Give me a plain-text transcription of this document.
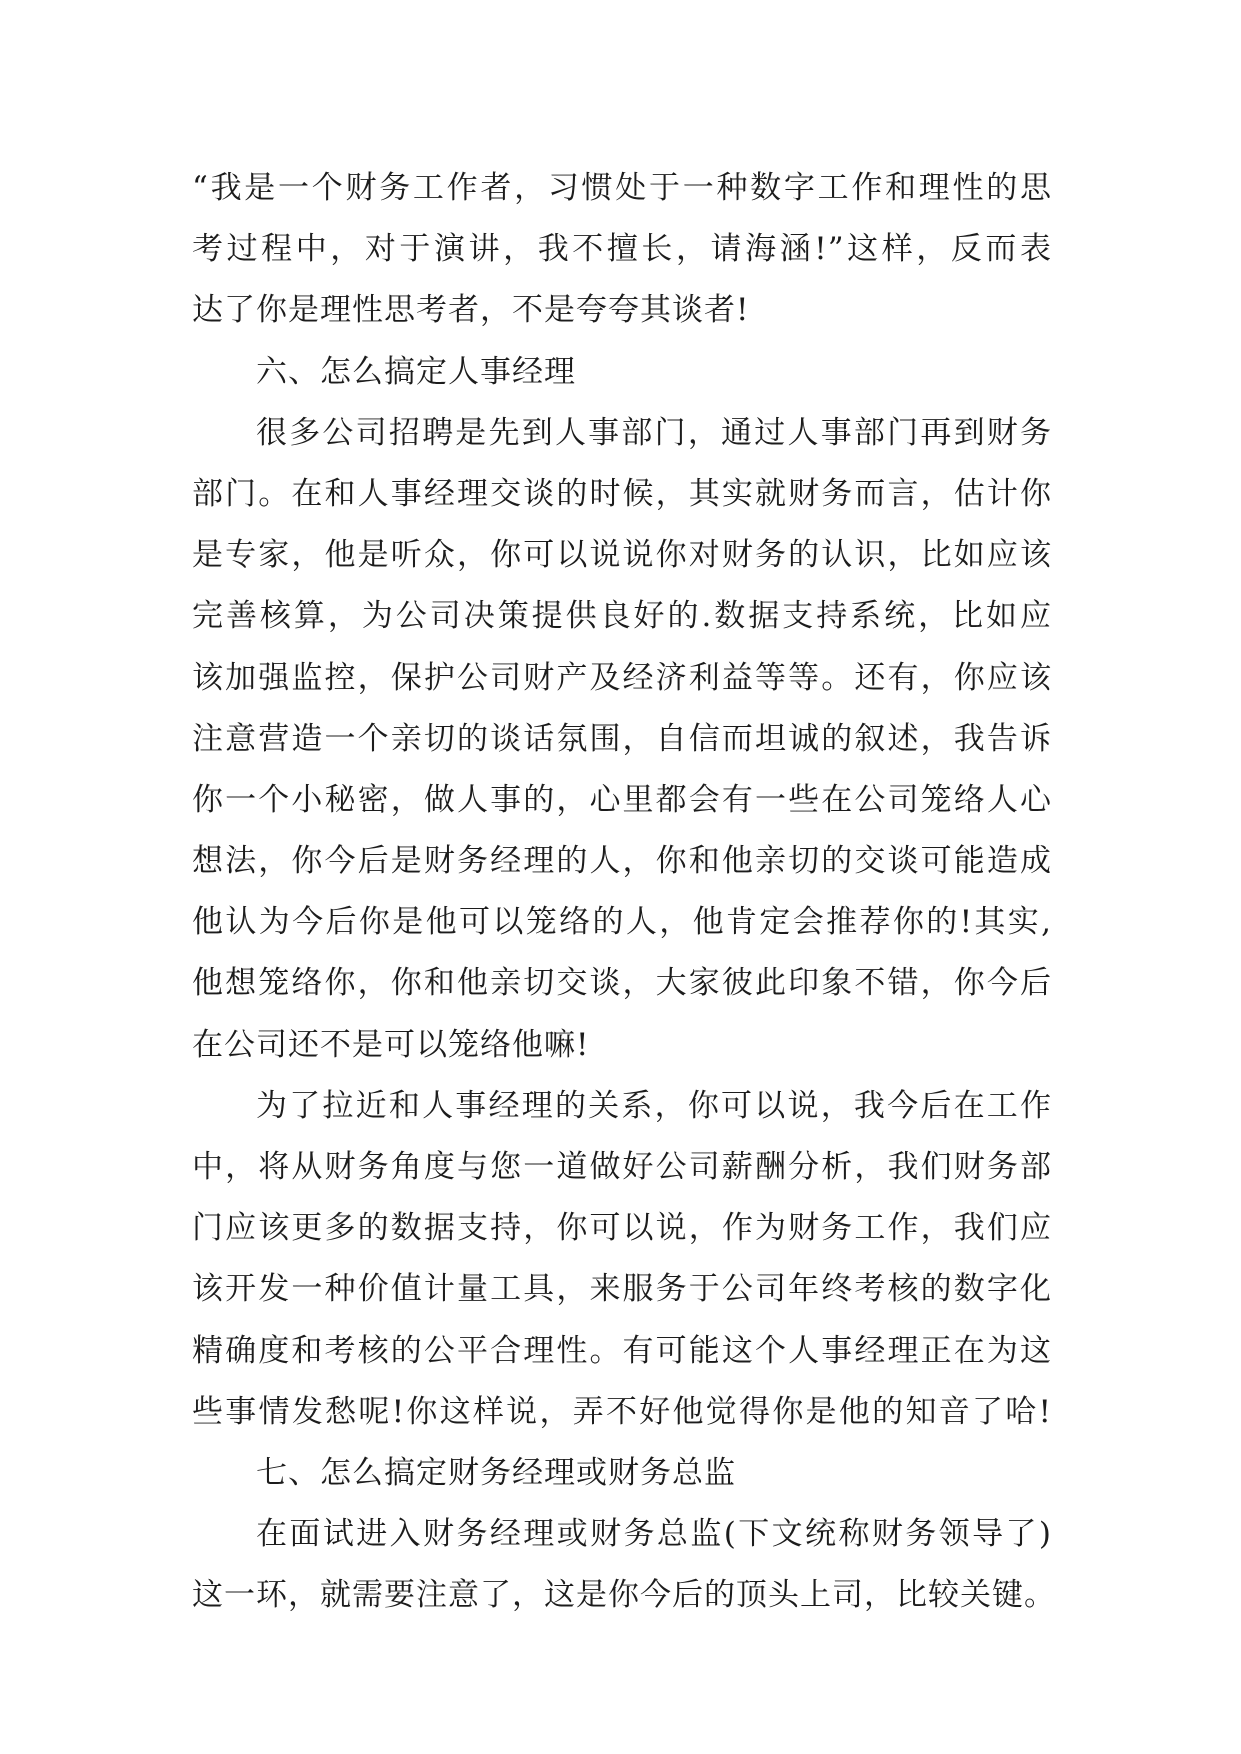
“我是一个财务工作者，习惯处于一种数字工作和理性的思
考过程中，对于演讲，我不擅长，请海涵!”这样，反而表
达了你是理性思考者，不是夸夸其谈者!
六、怎么搞定人事经理
很多公司招聘是先到人事部门，通过人事部门再到财务
部门。在和人事经理交谈的时候，其实就财务而言，估计你
是专家，他是听众，你可以说说你对财务的认识，比如应该
完善核算，为公司决策提供良好的.数据支持系统，比如应
该加强监控，保护公司财产及经济利益等等。还有，你应该
注意营造一个亲切的谈话氛围，自信而坦诚的叙述，我告诉
你一个小秘密，做人事的，心里都会有一些在公司笼络人心
想法，你今后是财务经理的人，你和他亲切的交谈可能造成
他认为今后你是他可以笼络的人，他肯定会推荐你的!其实,
他想笼络你，你和他亲切交谈，大家彼此印象不错，你今后
在公司还不是可以笼络他嘛!
为了拉近和人事经理的关系，你可以说，我今后在工作
中，将从财务角度与您一道做好公司薪酬分析，我们财务部
门应该更多的数据支持，你可以说，作为财务工作，我们应
该开发一种价值计量工具，来服务于公司年终考核的数字化
精确度和考核的公平合理性。有可能这个人事经理正在为这
些事情发愁呢!你这样说，弄不好他觉得你是他的知音了哈!
七、怎么搞定财务经理或财务总监
在面试进入财务经理或财务总监(下文统称财务领导了)
这一环，就需要注意了，这是你今后的顶头上司，比较关键。
